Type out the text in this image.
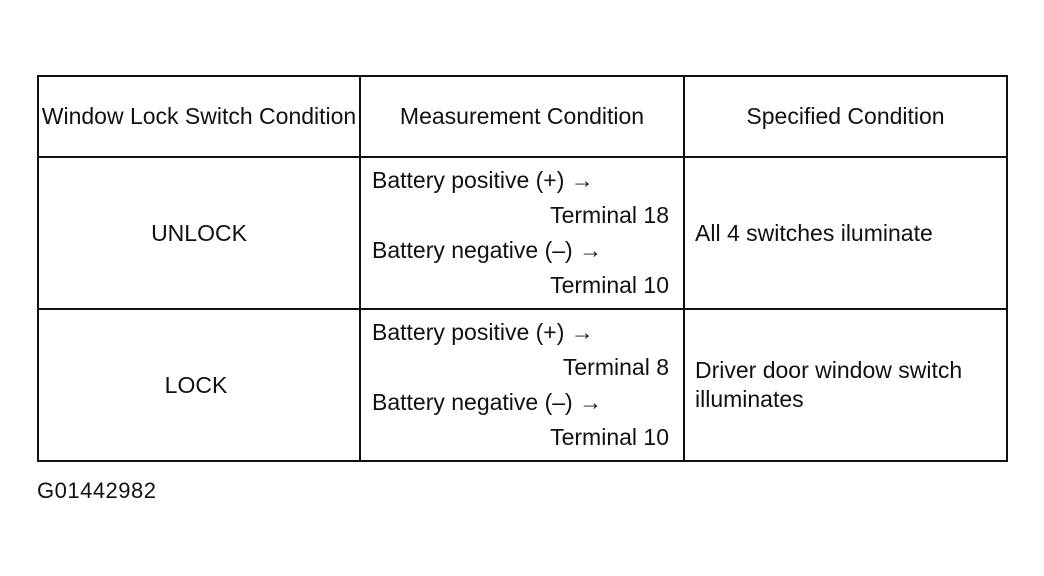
Window Lock Switch Condition	Measurement Condition	Specified Condition
UNLOCK	Battery positive (+) →
Terminal 18
Battery negative (–) →
Terminal 10	All 4 switches iluminate
LOCK	Battery positive (+) →
Terminal 8
Battery negative (–) →
Terminal 10	Driver door window switch illuminates
G01442982
